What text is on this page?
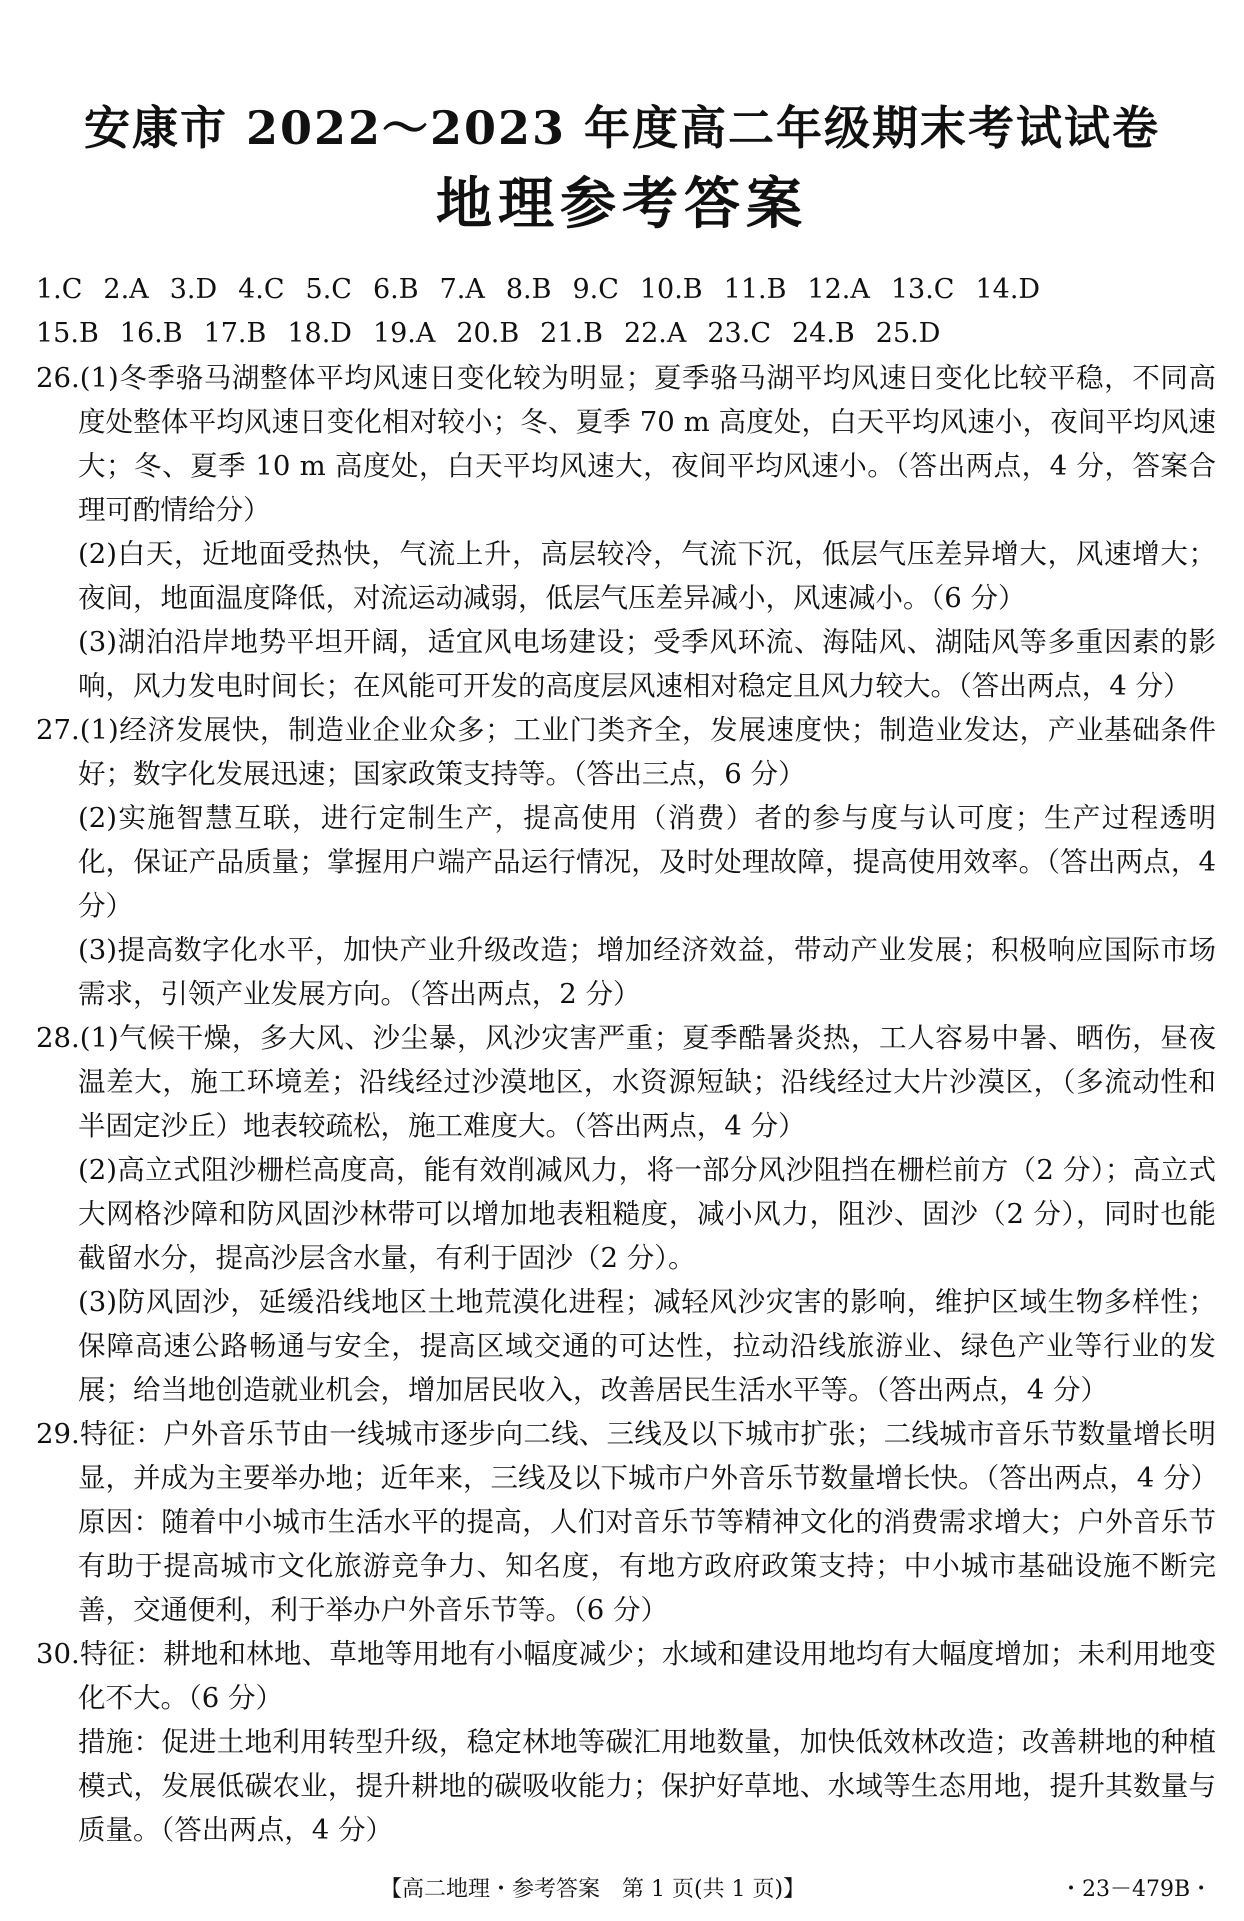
安康市 2022～2023 年度高二年级期末考试试卷
地理参考答案
1.C 2.A 3.D 4.C 5.C 6.B 7.A 8.B 9.C 10.B 11.B 12.A 13.C 14.D
15.B 16.B 17.B 18.D 19.A 20.B 21.B 22.A 23.C 24.B 25.D
26.(1)冬季骆马湖整体平均风速日变化较为明显；夏季骆马湖平均风速日变化比较平稳，不同高度处整体平均风速日变化相对较小；冬、夏季 70 m 高度处，白天平均风速小，夜间平均风速大；冬、夏季 10 m 高度处，白天平均风速大，夜间平均风速小。（答出两点，4 分，答案合理可酌情给分）
(2)白天，近地面受热快，气流上升，高层较冷，气流下沉，低层气压差异增大，风速增大；夜间，地面温度降低，对流运动减弱，低层气压差异减小，风速减小。（6 分）
(3)湖泊沿岸地势平坦开阔，适宜风电场建设；受季风环流、海陆风、湖陆风等多重因素的影响，风力发电时间长；在风能可开发的高度层风速相对稳定且风力较大。（答出两点，4 分）
27.(1)经济发展快，制造业企业众多；工业门类齐全，发展速度快；制造业发达，产业基础条件好；数字化发展迅速；国家政策支持等。（答出三点，6 分）
(2)实施智慧互联，进行定制生产，提高使用（消费）者的参与度与认可度；生产过程透明化，保证产品质量；掌握用户端产品运行情况，及时处理故障，提高使用效率。（答出两点，4 分）
(3)提高数字化水平，加快产业升级改造；增加经济效益，带动产业发展；积极响应国际市场需求，引领产业发展方向。（答出两点，2 分）
28.(1)气候干燥，多大风、沙尘暴，风沙灾害严重；夏季酷暑炎热，工人容易中暑、晒伤，昼夜温差大，施工环境差；沿线经过沙漠地区，水资源短缺；沿线经过大片沙漠区，（多流动性和半固定沙丘）地表较疏松，施工难度大。（答出两点，4 分）
(2)高立式阻沙栅栏高度高，能有效削减风力，将一部分风沙阻挡在栅栏前方（2 分）；高立式大网格沙障和防风固沙林带可以增加地表粗糙度，减小风力，阻沙、固沙（2 分），同时也能截留水分，提高沙层含水量，有利于固沙（2 分）。
(3)防风固沙，延缓沿线地区土地荒漠化进程；减轻风沙灾害的影响，维护区域生物多样性；保障高速公路畅通与安全，提高区域交通的可达性，拉动沿线旅游业、绿色产业等行业的发展；给当地创造就业机会，增加居民收入，改善居民生活水平等。（答出两点，4 分）
29.特征：户外音乐节由一线城市逐步向二线、三线及以下城市扩张；二线城市音乐节数量增长明显，并成为主要举办地；近年来，三线及以下城市户外音乐节数量增长快。（答出两点，4 分）
原因：随着中小城市生活水平的提高，人们对音乐节等精神文化的消费需求增大；户外音乐节有助于提高城市文化旅游竞争力、知名度，有地方政府政策支持；中小城市基础设施不断完善，交通便利，利于举办户外音乐节等。（6 分）
30.特征：耕地和林地、草地等用地有小幅度减少；水域和建设用地均有大幅度增加；未利用地变化不大。（6 分）
措施：促进土地利用转型升级，稳定林地等碳汇用地数量，加快低效林改造；改善耕地的种植模式，发展低碳农业，提升耕地的碳吸收能力；保护好草地、水域等生态用地，提升其数量与质量。（答出两点，4 分）
【高二地理・参考答案　第 1 页(共 1 页)】	・23－479B・
